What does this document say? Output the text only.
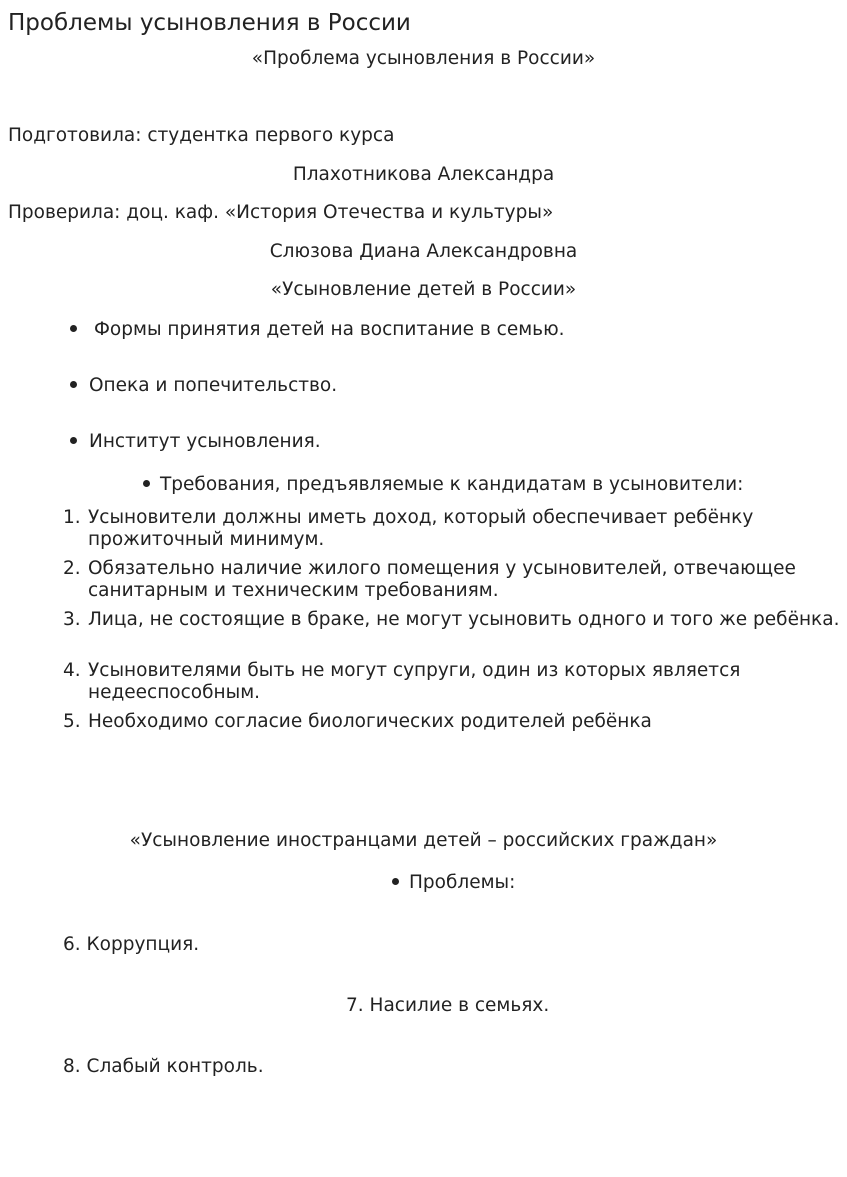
Проблемы усыновления в России
«Проблема усыновления в России»
Подготовила: студентка первого курса
Плахотникова Александра
Проверила: доц. каф. «История Отечества и культуры»
Слюзова Диана Александровна
«Усыновление детей в России»
Формы принятия детей на воспитание в семью.
Опека и попечительство.
Институт усыновления.
Требования, предъявляемые к кандидатам в усыновители:
1. Усыновители должны иметь доход, который обеспечивает ребёнку прожиточный минимум.
2. Обязательно наличие жилого помещения у усыновителей, отвечающее санитарным и техническим требованиям.
3. Лица, не состоящие в браке, не могут усыновить одного и того же ребёнка.
4. Усыновителями быть не могут супруги, один из которых является недееспособным.
5. Необходимо согласие биологических родителей ребёнка
«Усыновление иностранцами детей – российских граждан»
Проблемы:
6. Коррупция.
7. Насилие в семьях.
8. Слабый контроль.
